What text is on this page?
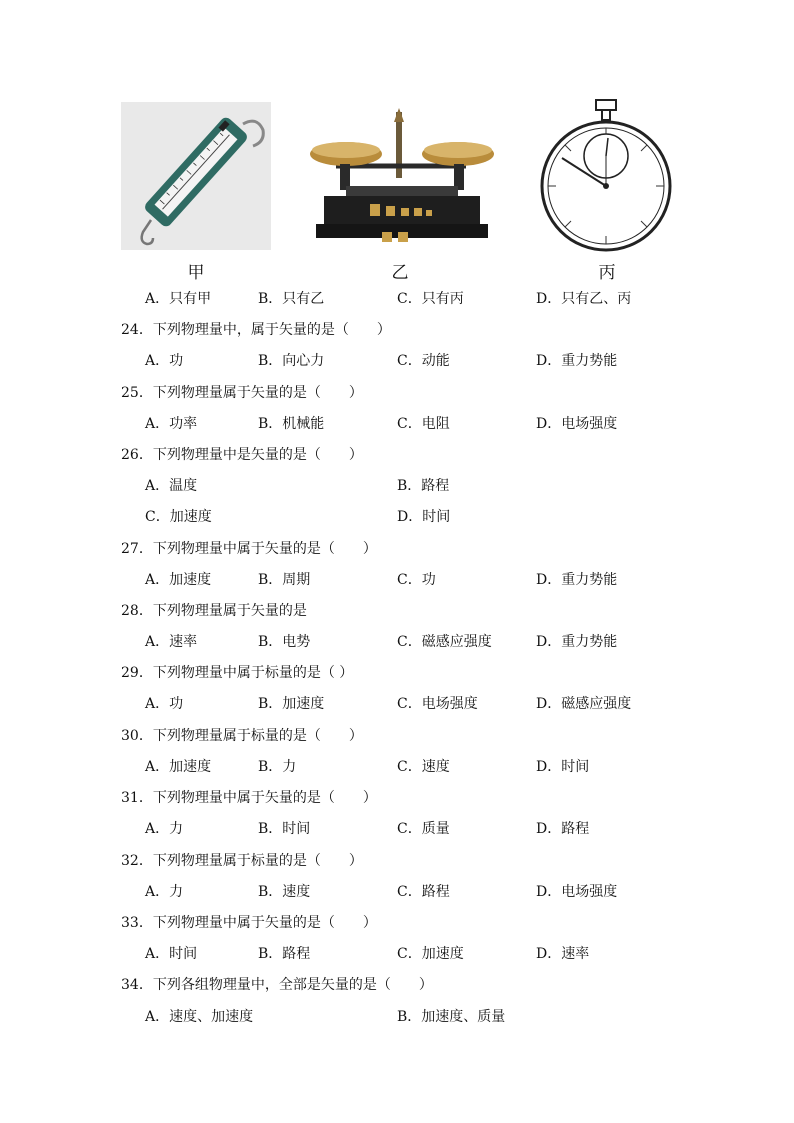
甲	乙	丙
A．只有甲	B．只有乙	C．只有丙	D．只有乙、丙
24．下列物理量中，属于矢量的是（　　）
A．功	B．向心力	C．动能	D．重力势能
25．下列物理量属于矢量的是（　　）
A．功率	B．机械能	C．电阻	D．电场强度
26．下列物理量中是矢量的是（　　）
A．温度	B．路程
C．加速度	D．时间
27．下列物理量中属于矢量的是（　　）
A．加速度	B．周期	C．功	D．重力势能
28．下列物理量属于矢量的是
A．速率	B．电势	C．磁感应强度	D．重力势能
29．下列物理量中属于标量的是（ ）
A．功	B．加速度	C．电场强度	D．磁感应强度
30．下列物理量属于标量的是（　　）
A．加速度	B．力	C．速度	D．时间
31．下列物理量中属于矢量的是（　　）
A．力	B．时间	C．质量	D．路程
32．下列物理量属于标量的是（　　）
A．力	B．速度	C．路程	D．电场强度
33．下列物理量中属于矢量的是（　　）
A．时间	B．路程	C．加速度	D．速率
34．下列各组物理量中，全部是矢量的是（　　）
A．速度、加速度	B．加速度、质量
